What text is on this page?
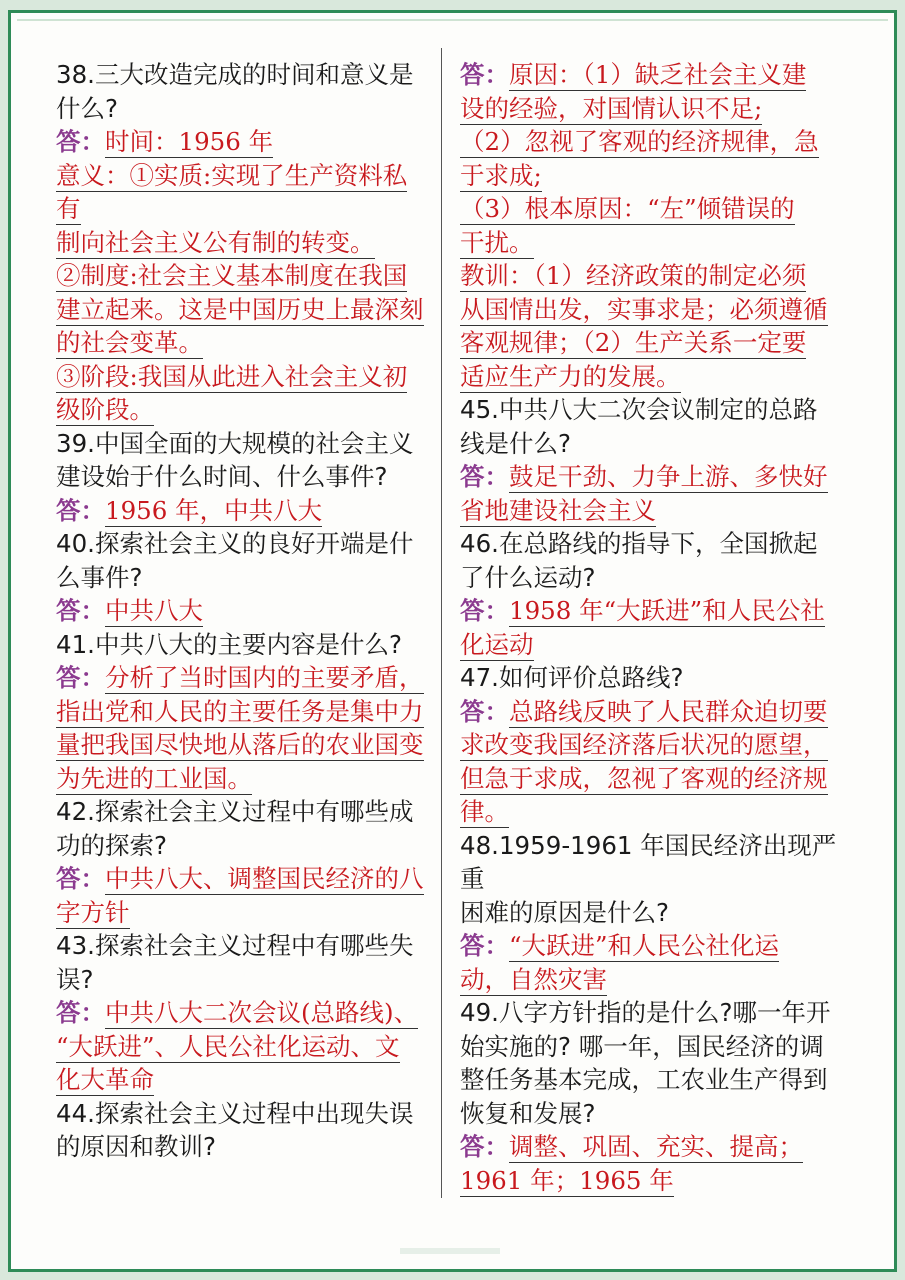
38.三大改造完成的时间和意义是

什么?

答：时间：1956 年

意义：①实质:实现了生产资料私

有

制向社会主义公有制的转变。

②制度:社会主义基本制度在我国

建立起来。这是中国历史上最深刻

的社会变革。

③阶段:我国从此进入社会主义初

级阶段。

39.中国全面的大规模的社会主义

建设始于什么时间、什么事件?

答：1956 年，中共八大

40.探索社会主义的良好开端是什

么事件?

答：中共八大

41.中共八大的主要内容是什么?

答：分析了当时国内的主要矛盾，

指出党和人民的主要任务是集中力

量把我国尽快地从落后的农业国变

为先进的工业国。

42.探索社会主义过程中有哪些成

功的探索?

答：中共八大、调整国民经济的八

字方针

43.探索社会主义过程中有哪些失

误?

答：中共八大二次会议(总路线)、

“大跃进”、人民公社化运动、文

化大革命

44.探索社会主义过程中出现失误

的原因和教训?

答：原因：（1）缺乏社会主义建

设的经验，对国情认识不足;

（2）忽视了客观的经济规律，急

于求成;

（3）根本原因：“左”倾错误的

干扰。

教训：（1）经济政策的制定必须

从国情出发，实事求是；必须遵循

客观规律；（2）生产关系一定要

适应生产力的发展。

45.中共八大二次会议制定的总路

线是什么?

答：鼓足干劲、力争上游、多快好

省地建设社会主义

46.在总路线的指导下，全国掀起

了什么运动?

答：1958 年“大跃进”和人民公社

化运动

47.如何评价总路线?

答：总路线反映了人民群众迫切要

求改变我国经济落后状况的愿望，

但急于求成，忽视了客观的经济规

律。

48.1959-1961 年国民经济出现严重

困难的原因是什么?

答：“大跃进”和人民公社化运

动，自然灾害

49.八字方针指的是什么?哪一年开

始实施的? 哪一年，国民经济的调

整任务基本完成，工农业生产得到

恢复和发展?

答：调整、巩固、充实、提高；

1961 年；1965 年
